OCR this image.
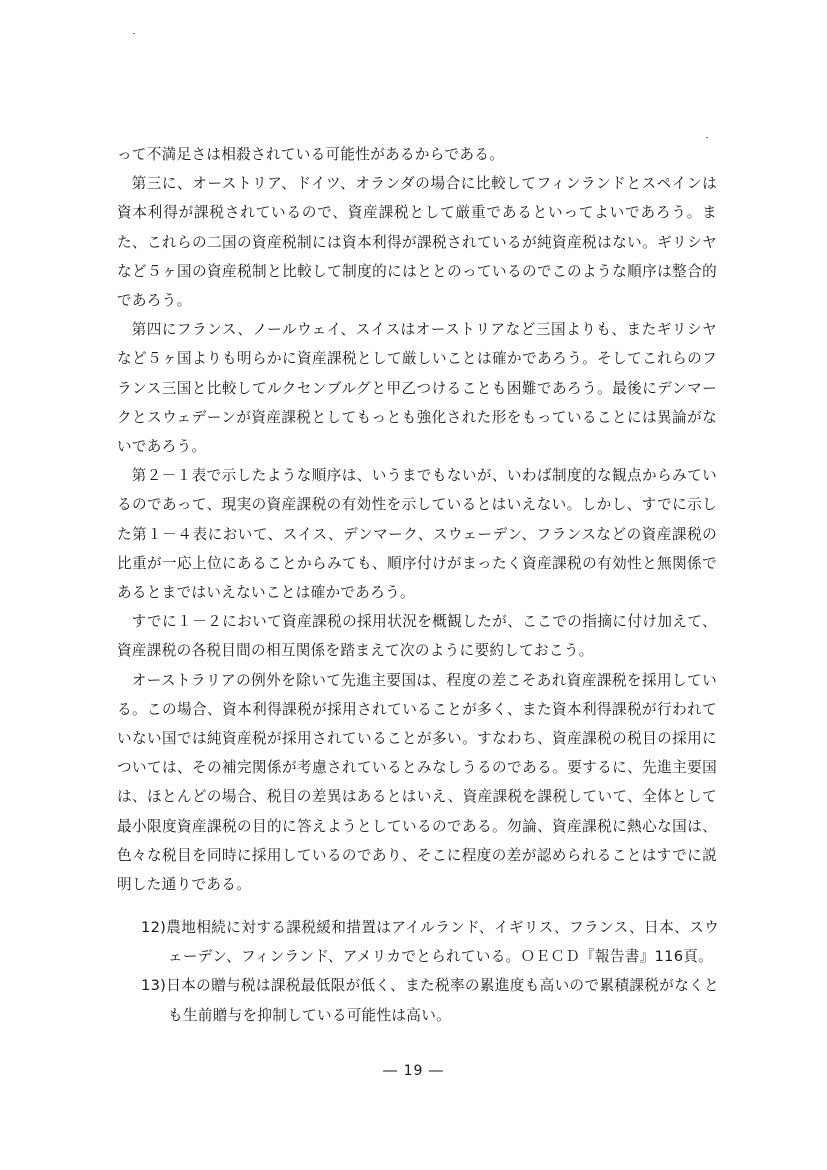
って不満足さは相殺されている可能性があるからである。

第三に、オーストリア、ドイツ、オランダの場合に比較してフィンランドとスペインは資本利得が課税されているので、資産課税として厳重であるといってよいであろう。また、これらの二国の資産税制には資本利得が課税されているが純資産税はない。ギリシヤなど５ヶ国の資産税制と比較して制度的にはととのっているのでこのような順序は整合的であろう。

第四にフランス、ノールウェイ、スイスはオーストリアなど三国よりも、またギリシヤなど５ヶ国よりも明らかに資産課税として厳しいことは確かであろう。そしてこれらのフランス三国と比較してルクセンブルグと甲乙つけることも困難であろう。最後にデンマークとスウェデーンが資産課税としてもっとも強化された形をもっていることには異論がないであろう。

第２－１表で示したような順序は、いうまでもないが、いわば制度的な観点からみているのであって、現実の資産課税の有効性を示しているとはいえない。しかし、すでに示した第１－４表において、スイス、デンマーク、スウェーデン、フランスなどの資産課税の比重が一応上位にあることからみても、順序付けがまったく資産課税の有効性と無関係であるとまではいえないことは確かであろう。

すでに１－２において資産課税の採用状況を概観したが、ここでの指摘に付け加えて、資産課税の各税目間の相互関係を踏まえて次のように要約しておこう。

オーストラリアの例外を除いて先進主要国は、程度の差こそあれ資産課税を採用している。この場合、資本利得課税が採用されていることが多く、また資本利得課税が行われていない国では純資産税が採用されていることが多い。すなわち、資産課税の税目の採用については、その補完関係が考慮されているとみなしうるのである。要するに、先進主要国は、ほとんどの場合、税目の差異はあるとはいえ、資産課税を課税していて、全体として最小限度資産課税の目的に答えようとしているのである。勿論、資産課税に熱心な国は、色々な税目を同時に採用しているのであり、そこに程度の差が認められることはすでに説明した通りである。

12)農地相続に対する課税緩和措置はアイルランド、イギリス、フランス、日本、スウェーデン、フィンランド、アメリカでとられている。ＯＥＣＤ『報告書』116頁。

13)日本の贈与税は課税最低限が低く、また税率の累進度も高いので累積課税がなくとも生前贈与を抑制している可能性は高い。

― 19 ―
